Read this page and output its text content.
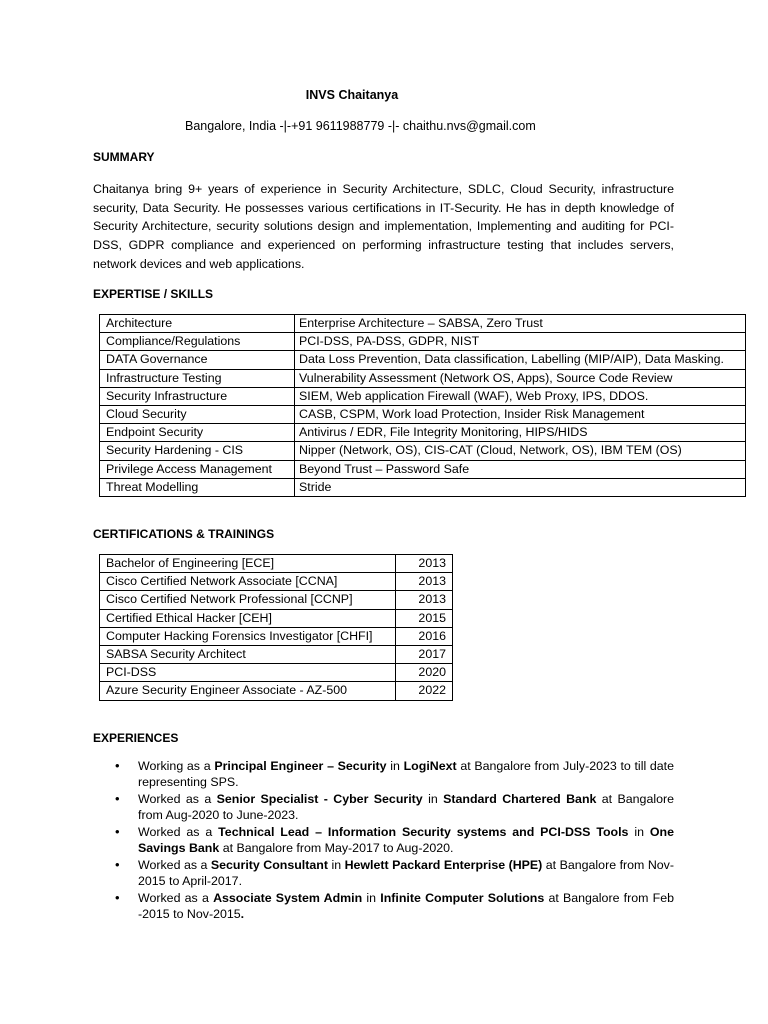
INVS Chaitanya
Bangalore, India -|-+91 9611988779 -|- chaithu.nvs@gmail.com
SUMMARY
Chaitanya bring 9+ years of experience in Security Architecture, SDLC, Cloud Security, infrastructure security, Data Security. He possesses various certifications in IT-Security. He has in depth knowledge of Security Architecture, security solutions design and implementation, Implementing and auditing for PCI-DSS, GDPR compliance and experienced on performing infrastructure testing that includes servers, network devices and web applications.
EXPERTISE / SKILLS
Architecture	Enterprise Architecture – SABSA, Zero Trust
Compliance/Regulations	PCI-DSS, PA-DSS, GDPR, NIST
DATA Governance	Data Loss Prevention, Data classification, Labelling (MIP/AIP), Data Masking.
Infrastructure Testing	Vulnerability Assessment (Network OS, Apps), Source Code Review
Security Infrastructure	SIEM, Web application Firewall (WAF), Web Proxy, IPS, DDOS.
Cloud Security	CASB, CSPM, Work load Protection, Insider Risk Management
Endpoint Security	Antivirus / EDR, File Integrity Monitoring, HIPS/HIDS
Security Hardening - CIS	Nipper (Network, OS), CIS-CAT (Cloud, Network, OS), IBM TEM (OS)
Privilege Access Management	Beyond Trust – Password Safe
Threat Modelling	Stride
CERTIFICATIONS & TRAININGS
Bachelor of Engineering [ECE]	2013
Cisco Certified Network Associate [CCNA]	2013
Cisco Certified Network Professional [CCNP]	2013
Certified Ethical Hacker [CEH]	2015
Computer Hacking Forensics Investigator [CHFI]	2016
SABSA Security Architect	2017
PCI-DSS	2020
Azure Security Engineer Associate - AZ-500	2022
EXPERIENCES
• Working as a Principal Engineer – Security in LogiNext at Bangalore from July-2023 to till date representing SPS.
• Worked as a Senior Specialist - Cyber Security in Standard Chartered Bank at Bangalore from Aug-2020 to June-2023.
• Worked as a Technical Lead – Information Security systems and PCI-DSS Tools in One Savings Bank at Bangalore from May-2017 to Aug-2020.
• Worked as a Security Consultant in Hewlett Packard Enterprise (HPE) at Bangalore from Nov-2015 to April-2017.
• Worked as a Associate System Admin in Infinite Computer Solutions at Bangalore from Feb -2015 to Nov-2015.
